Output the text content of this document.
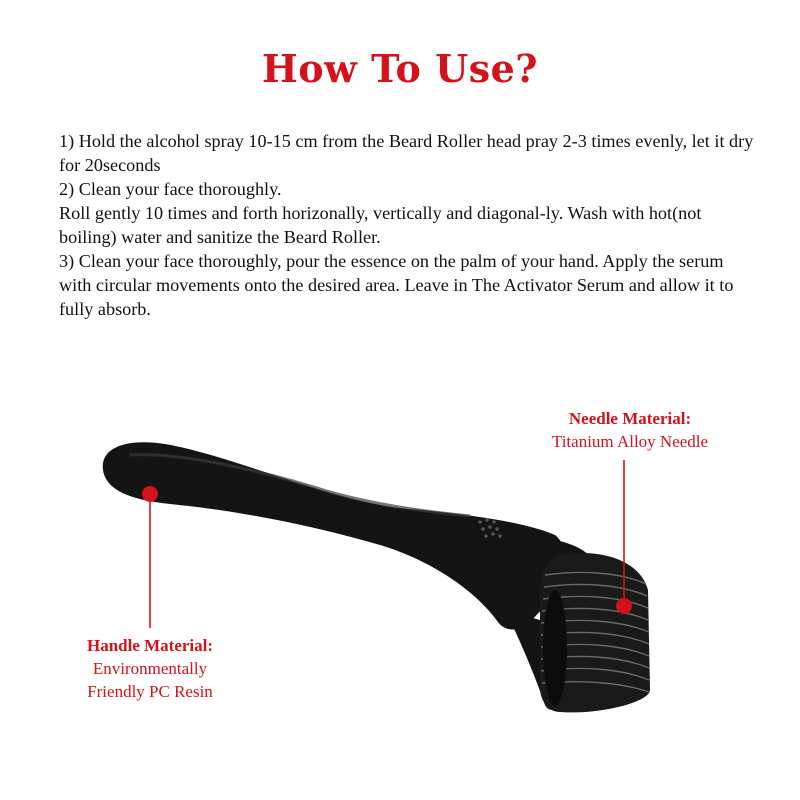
How To Use?

1) Hold the alcohol spray 10-15 cm from the Beard Roller head pray 2-3 times evenly, let it dry for 20seconds

2) Clean your face thoroughly.

Roll gently 10 times and forth horizonally, vertically and diagonal-ly. Wash with hot(not boiling) water and sanitize the Beard Roller.

3) Clean your face thoroughly, pour the essence on the palm of your hand. Apply the serum with circular movements onto the desired area. Leave in The Activator Serum and allow it to fully absorb.

Needle Material:
Titanium Alloy Needle
Handle Material:
Environmentally
Friendly PC Resin
